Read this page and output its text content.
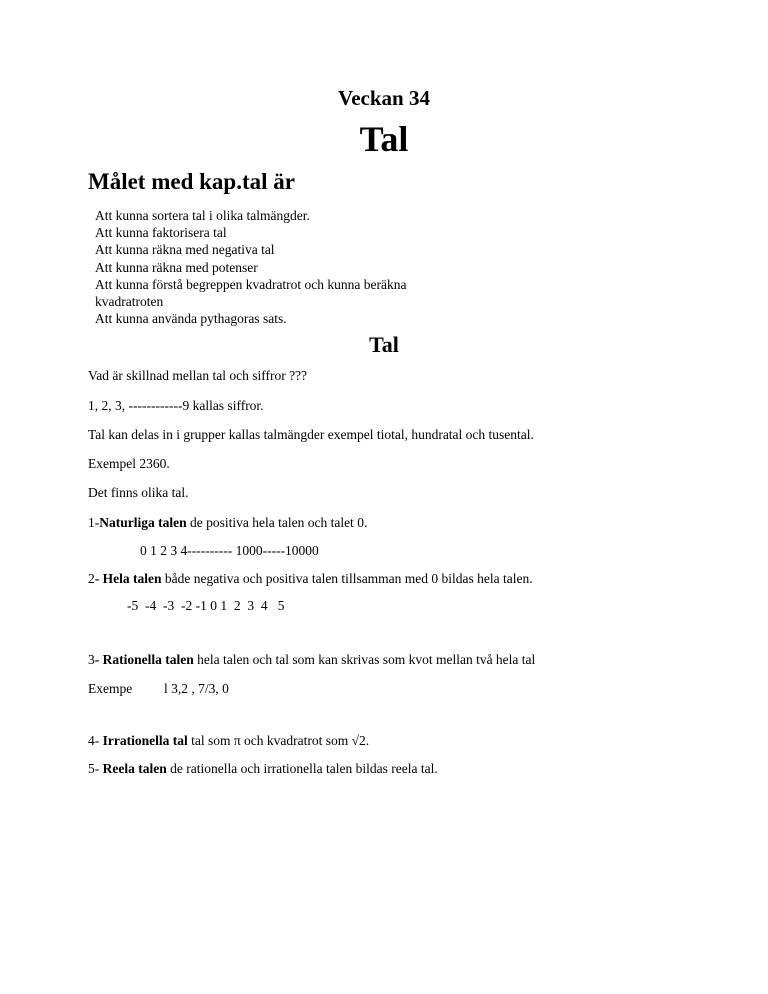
Veckan 34
Tal
Målet med kap.tal är
Att kunna sortera tal i olika talmängder.
Att kunna faktorisera tal
Att kunna räkna med negativa tal
Att kunna räkna med potenser
Att kunna förstå begreppen kvadratrot och kunna beräkna
kvadratroten
Att kunna använda pythagoras sats.
Tal
Vad är skillnad mellan tal och siffror ???
1, 2, 3, ------------9 kallas siffror.
Tal kan delas in i grupper kallas talmängder exempel tiotal, hundratal och tusental.
Exempel 2360.
Det finns olika tal.
1-Naturliga talen de positiva hela talen och talet 0.
0 1 2 3 4---------- 1000-----10000
2- Hela talen både negativa och positiva talen tillsamman med 0 bildas hela talen.
-5  -4  -3  -2 -1 0 1  2  3  4   5
3- Rationella talen hela talen och tal som kan skrivas som kvot mellan två hela tal
Exempe l 3,2 , 7/3, 0
4- Irrationella tal tal som π och kvadratrot som √2.
5- Reela talen de rationella och irrationella talen bildas reela tal.
